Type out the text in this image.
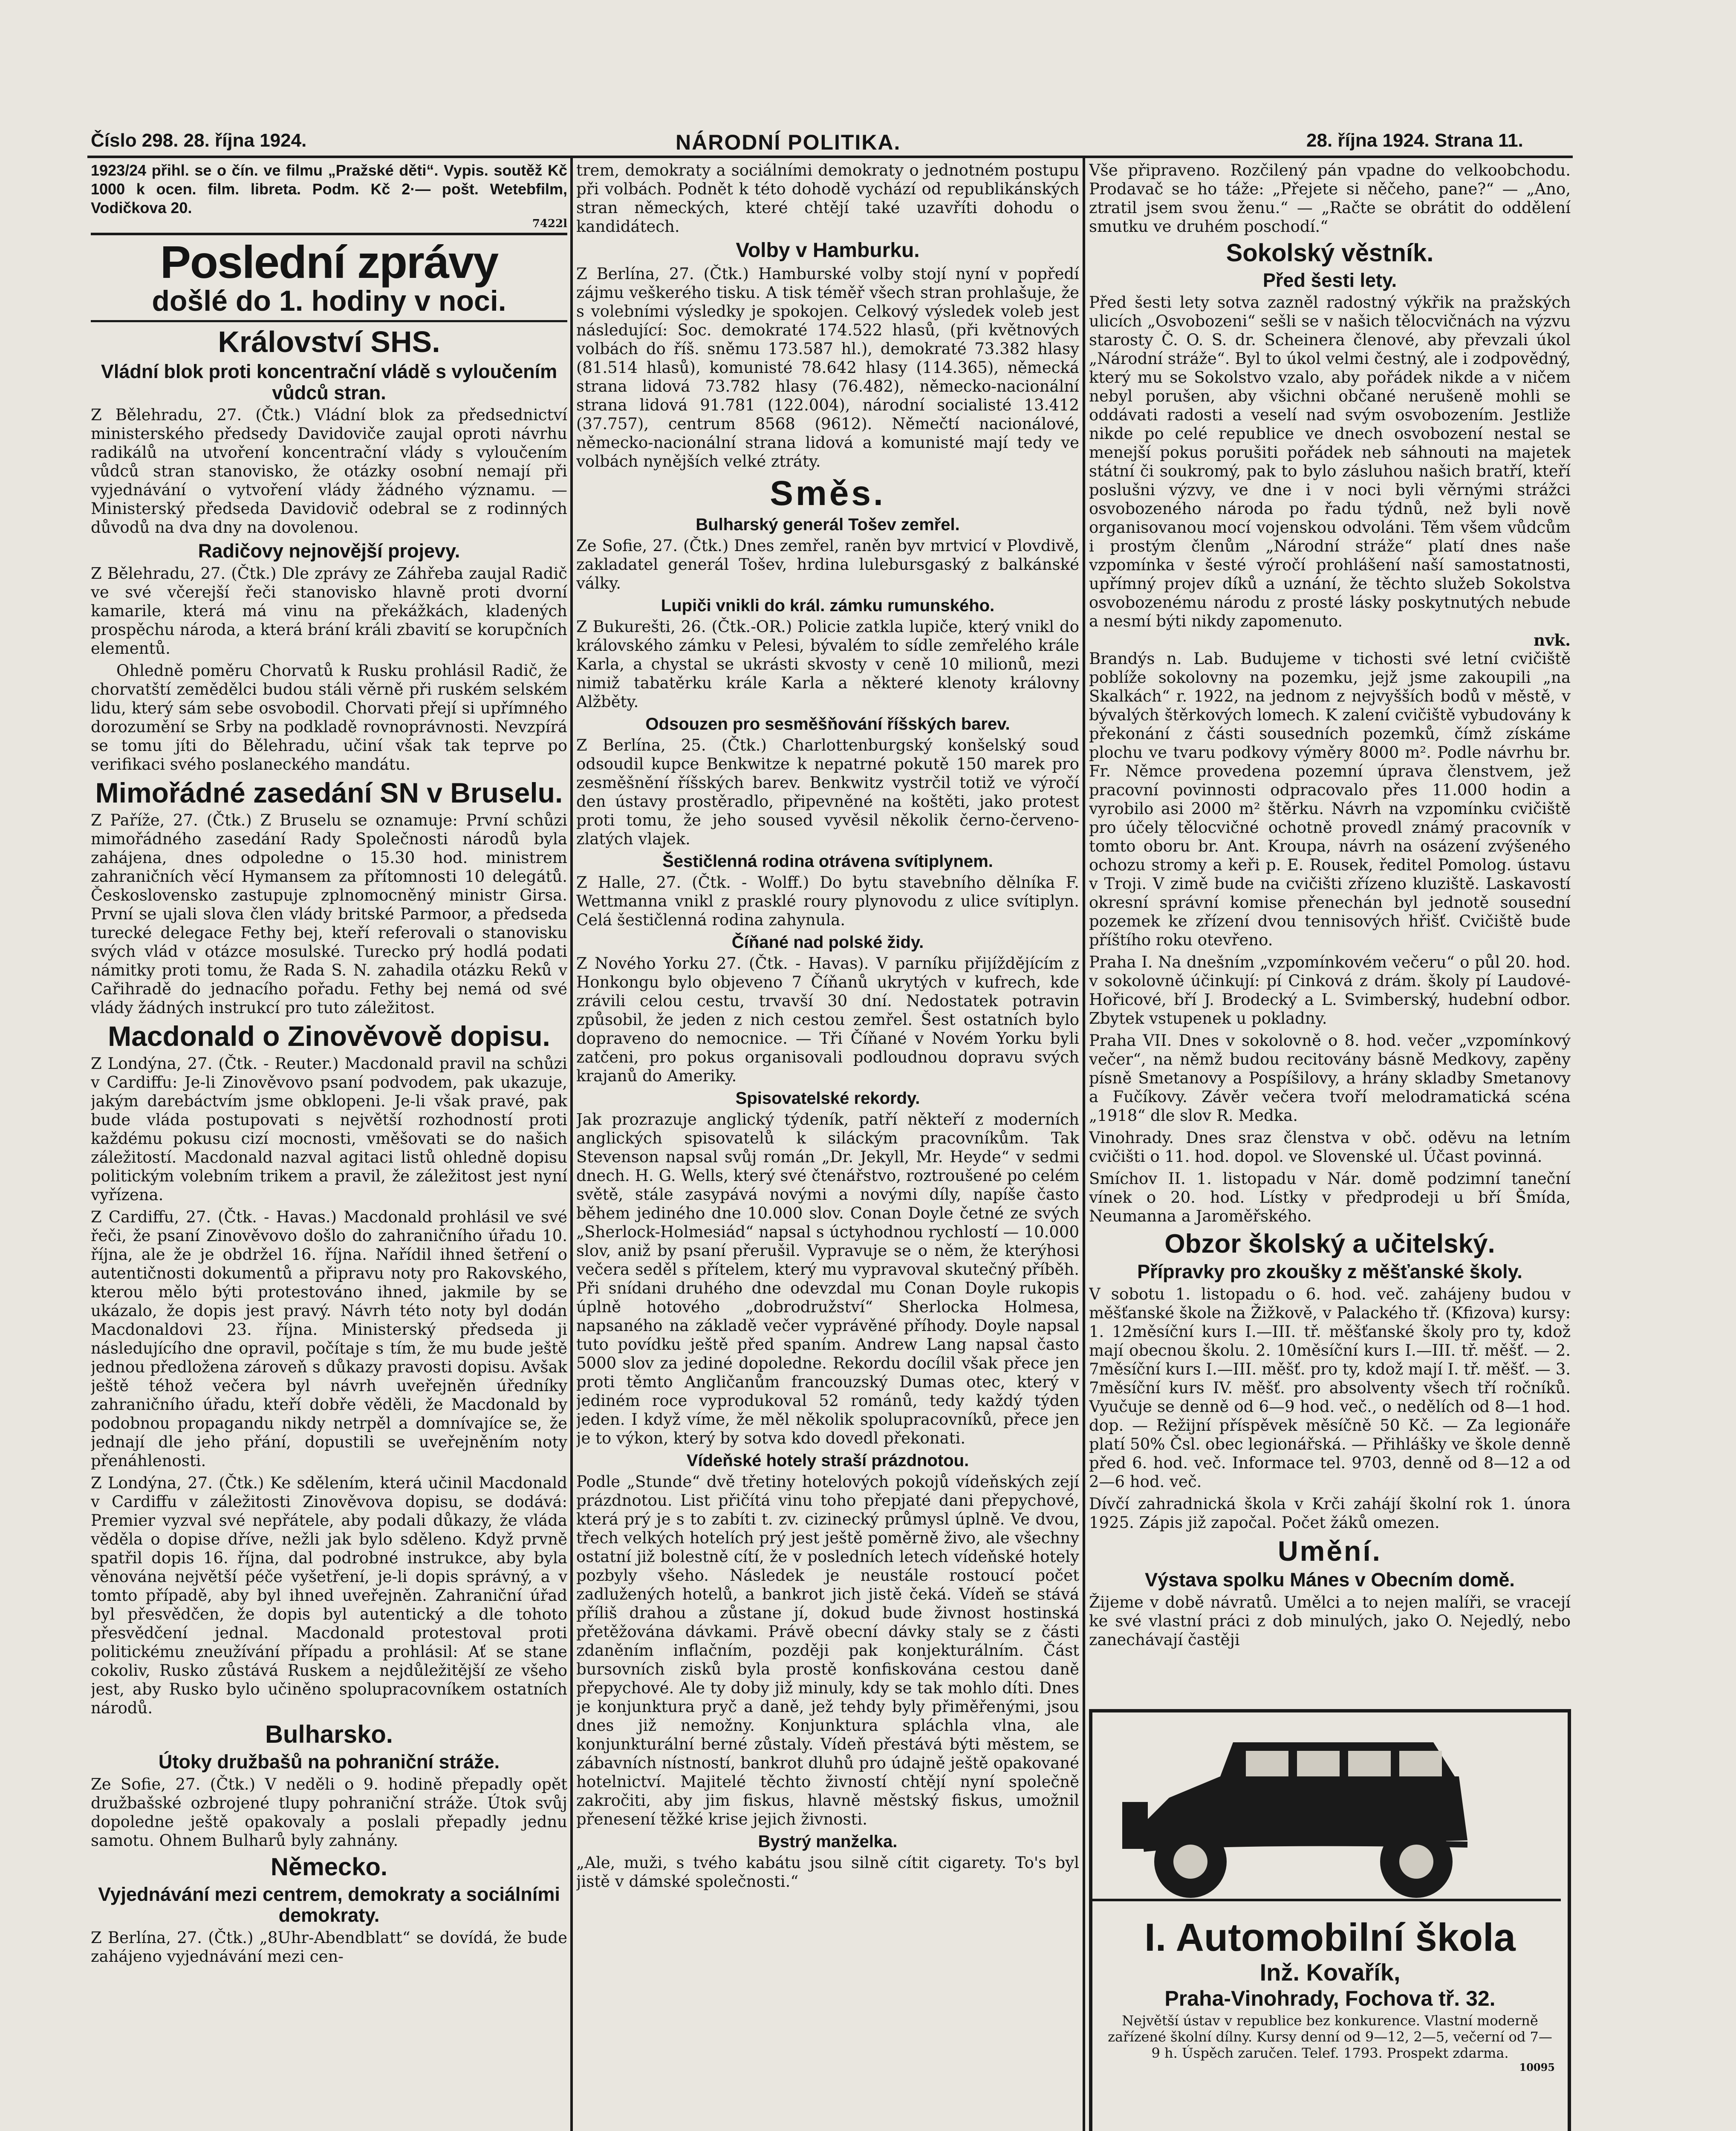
Číslo 298. 28. října 1924.	NÁRODNÍ POLITIKA.	28. října 1924. Strana 11.

1923/24 přihl. se o čín. ve filmu „Pražské děti“. Vypis. soutěž Kč 1000 k ocen. film. libreta. Podm. Kč 2·— pošt. Wetebfilm, Vodičkova 20.

7422l
Poslední zprávy
došlé do 1. hodiny v noci.
Království SHS.
Vládní blok proti koncentrační vládě s vyloučením vůdců stran.

Z Bělehradu, 27. (Čtk.) Vládní blok za předsednictví ministerského předsedy Davidoviče zaujal oproti návrhu radikálů na utvoření koncentrační vlády s vyloučením vůdců stran stanovisko, že otázky osobní nemají při vyjednávání o vytvoření vlády žádného významu. — Ministerský předseda Davidovič odebral se z rodinných důvodů na dva dny na dovolenou.

Radičovy nejnovější projevy.

Z Bělehradu, 27. (Čtk.) Dle zprávy ze Záhřeba zaujal Radič ve své včerejší řeči stanovisko hlavně proti dvorní kamarile, která má vinu na překážkách, kladených prospěchu národa, a která brání králi zbavití se korupčních elementů.

Ohledně poměru Chorvatů k Rusku prohlásil Radič, že chorvatští zemědělci budou stáli věrně při ruském selském lidu, který sám sebe osvobodil. Chorvati přejí si upřímného dorozumění se Srby na podkladě rovnoprávnosti. Nevzpírá se tomu jíti do Bělehradu, učiní však tak teprve po verifikaci svého poslaneckého mandátu.

Mimořádné zasedání SN v Bruselu.

Z Paříže, 27. (Čtk.) Z Bruselu se oznamuje: První schůzi mimořádného zasedání Rady Společnosti národů byla zahájena, dnes odpoledne o 15.30 hod. ministrem zahraničních věcí Hymansem za přítomnosti 10 delegátů. Československo zastupuje zplnomocněný ministr Girsa. První se ujali slova člen vlády britské Parmoor, a předseda turecké delegace Fethy bej, kteří referovali o stanovisku svých vlád v otázce mosulské. Turecko prý hodlá podati námitky proti tomu, že Rada S. N. zahadila otázku Reků v Cařihradě do jednacího pořadu. Fethy bej nemá od své vlády žádných instrukcí pro tuto záležitost.

Macdonald o Zinověvově dopisu.

Z Londýna, 27. (Čtk. - Reuter.) Macdonald pravil na schůzi v Cardiffu: Je-li Zinověvovo psaní podvodem, pak ukazuje, jakým darebáctvím jsme obklopeni. Je-li však pravé, pak bude vláda postupovati s největší rozhodností proti každému pokusu cizí mocnosti, vměšovati se do našich záležitostí. Macdonald nazval agitaci listů ohledně dopisu politickým volebním trikem a pravil, že záležitost jest nyní vyřízena.

Z Cardiffu, 27. (Čtk. - Havas.) Macdonald prohlásil ve své řeči, že psaní Zinověvovo došlo do zahraničního úřadu 10. října, ale že je obdržel 16. října. Nařídil ihned šetření o autentičnosti dokumentů a připravu noty pro Rakovského, kterou mělo býti protestováno ihned, jakmile by se ukázalo, že dopis jest pravý. Návrh této noty byl dodán Macdonaldovi 23. října. Ministerský předseda ji následujícího dne opravil, počítaje s tím, že mu bude ještě jednou předložena zároveň s důkazy pravosti dopisu. Avšak ještě téhož večera byl návrh uveřejněn úředníky zahraničního úřadu, kteří dobře věděli, že Macdonald by podobnou propagandu nikdy netrpěl a domnívajíce se, že jednají dle jeho přání, dopustili se uveřejněním noty přenáhlenosti.

Z Londýna, 27. (Čtk.) Ke sdělením, která učinil Macdonald v Cardiffu v záležitosti Zinověvova dopisu, se dodává: Premier vyzval své nepřátele, aby podali důkazy, že vláda věděla o dopise dříve, nežli jak bylo sděleno. Když prvně spatřil dopis 16. října, dal podrobné instrukce, aby byla věnována největší péče vyšetření, je-li dopis správný, a v tomto případě, aby byl ihned uveřejněn. Zahraniční úřad byl přesvědčen, že dopis byl autentický a dle tohoto přesvědčení jednal. Macdonald protestoval proti politickému zneužívání případu a prohlásil: Ať se stane cokoliv, Rusko zůstává Ruskem a nejdůležitější ze všeho jest, aby Rusko bylo učiněno spolupracovníkem ostatních národů.

Bulharsko.
Útoky družbašů na pohraniční stráže.

Ze Sofie, 27. (Čtk.) V neděli o 9. hodině přepadly opět družbašské ozbrojené tlupy pohraniční stráže. Útok svůj dopoledne ještě opakovaly a poslali přepadly jednu samotu. Ohnem Bulharů byly zahnány.

Německo.
Vyjednávání mezi centrem, demokraty a sociálními demokraty.

Z Berlína, 27. (Čtk.) „8Uhr-Abendblatt“ se dovídá, že bude zahájeno vyjednávání mezi cen-

trem, demokraty a sociálními demokraty o jednotném postupu při volbách. Podnět k této dohodě vychází od republikánských stran německých, které chtějí také uzavříti dohodu o kandidátech.

Volby v Hamburku.

Z Berlína, 27. (Čtk.) Hamburské volby stojí nyní v popředí zájmu veškerého tisku. A tisk téměř všech stran prohlašuje, že s volebními výsledky je spokojen. Celkový výsledek voleb jest následující: Soc. demokraté 174.522 hlasů, (při květnových volbách do říš. sněmu 173.587 hl.), demokraté 73.382 hlasy (81.514 hlasů), komunisté 78.642 hlasy (114.365), německá strana lidová 73.782 hlasy (76.482), německo-nacionální strana lidová 91.781 (122.004), národní socialisté 13.412 (37.757), centrum 8568 (9612). Němečtí nacionálové, německo-nacionální strana lidová a komunisté mají tedy ve volbách nynějších velké ztráty.

Směs.
Bulharský generál Tošev zemřel.

Ze Sofie, 27. (Čtk.) Dnes zemřel, raněn byv mrtvicí v Plovdivě, zakladatel generál Tošev, hrdina lulebursgaský z balkánské války.

Lupiči vnikli do král. zámku rumunského.

Z Bukurešti, 26. (Čtk.-OR.) Policie zatkla lupiče, který vnikl do královského zámku v Pelesi, bývalém to sídle zemřelého krále Karla, a chystal se ukrásti skvosty v ceně 10 milionů, mezi nimiž tabatěrku krále Karla a některé klenoty královny Alžběty.

Odsouzen pro sesměšňování říšských barev.

Z Berlína, 25. (Čtk.) Charlottenburgský konšelský soud odsoudil kupce Benkwitze k nepatrné pokutě 150 marek pro zesměšnění říšských barev. Benkwitz vystrčil totiž ve výročí den ústavy prostěradlo, připevněné na koštěti, jako protest proti tomu, že jeho soused vyvěsil několik černo-červeno-zlatých vlajek.

Šestičlenná rodina otrávena svítiplynem.

Z Halle, 27. (Čtk. - Wolff.) Do bytu stavebního dělníka F. Wettmanna vnikl z prasklé roury plynovodu z ulice svítiplyn. Celá šestičlenná rodina zahynula.

Číňané nad polské židy.

Z Nového Yorku 27. (Čtk. - Havas). V parníku přijíždějícím z Honkongu bylo objeveno 7 Číňanů ukrytých v kufrech, kde zrávili celou cestu, trvavší 30 dní. Nedostatek potravin způsobil, že jeden z nich cestou zemřel. Šest ostatních bylo dopraveno do nemocnice. — Tři Číňané v Novém Yorku byli zatčeni, pro pokus organisovali podloudnou dopravu svých krajanů do Ameriky.

Spisovatelské rekordy.

Jak prozrazuje anglický týdeník, patří někteří z moderních anglických spisovatelů k siláckým pracovníkům. Tak Stevenson napsal svůj román „Dr. Jekyll, Mr. Heyde“ v sedmi dnech. H. G. Wells, který své čtenářstvo, roztroušené po celém světě, stále zasypává novými a novými díly, napíše často během jediného dne 10.000 slov. Conan Doyle četné ze svých „Sherlock-Holmesiád“ napsal s úctyhodnou rychlostí — 10.000 slov, aniž by psaní přerušil. Vypravuje se o něm, že kterýhosi večera seděl s přítelem, který mu vypravoval skutečný příběh. Při snídani druhého dne odevzdal mu Conan Doyle rukopis úplně hotového „dobrodružství“ Sherlocka Holmesa, napsaného na základě večer vyprávěné příhody. Doyle napsal tuto povídku ještě před spaním. Andrew Lang napsal často 5000 slov za jediné dopoledne. Rekordu docílil však přece jen proti těmto Angličanům francouzský Dumas otec, který v jediném roce vyprodukoval 52 románů, tedy každý týden jeden. I když víme, že měl několik spolupracovníků, přece jen je to výkon, který by sotva kdo dovedl překonati.

Vídeňské hotely straší prázdnotou.

Podle „Stunde“ dvě třetiny hotelových pokojů vídeňských zejí prázdnotou. List přičítá vinu toho přepjaté dani přepychové, která prý je s to zabíti t. zv. cizinecký průmysl úplně. Ve dvou, třech velkých hotelích prý jest ještě poměrně živo, ale všechny ostatní již bolestně cítí, že v posledních letech vídeňské hotely pozbyly všeho. Následek je neustále rostoucí počet zadlužených hotelů, a bankrot jich jistě čeká. Vídeň se stává příliš drahou a zůstane jí, dokud bude živnost hostinská přetěžována dávkami. Právě obecní dávky staly se z části zdaněním inflačním, později pak konjekturálním. Část bursovních zisků byla prostě konfiskována cestou daně přepychové. Ale ty doby již minuly, kdy se tak mohlo díti. Dnes je konjunktura pryč a daně, jež tehdy byly přiměřenými, jsou dnes již nemožny. Konjunktura spláchla vlna, ale konjunkturální berné zůstaly. Vídeň přestává býti městem, se zábavních nístností, bankrot dluhů pro údajně ještě opakované hotelnictví. Majitelé těchto živností chtějí nyní společně zakročiti, aby jim fiskus, hlavně městský fiskus, umožnil přenesení těžké krise jejich živnosti.

Bystrý manželka.

„Ale, muži, s tvého kabátu jsou silně cítit cigarety. To's byl jistě v dámské společnosti.“

Vše připraveno. Rozčilený pán vpadne do velkoobchodu. Prodavač se ho táže: „Přejete si něčeho, pane?“ — „Ano, ztratil jsem svou ženu.“ — „Račte se obrátit do oddělení smutku ve druhém poschodí.“

Sokolský věstník.
Před šesti lety.

Před šesti lety sotva zazněl radostný výkřik na pražských ulicích „Osvobozeni“ sešli se v našich tělocvičnách na výzvu starosty Č. O. S. dr. Scheinera členové, aby převzali úkol „Národní stráže“. Byl to úkol velmi čestný, ale i zodpovědný, který mu se Sokolstvo vzalo, aby pořádek nikde a v ničem nebyl porušen, aby všichni občané nerušeně mohli se oddávati radosti a veselí nad svým osvobozením. Jestliže nikde po celé republice ve dnech osvobození nestal se menejší pokus porušiti pořádek neb sáhnouti na majetek státní či soukromý, pak to bylo zásluhou našich bratří, kteří poslušni výzvy, ve dne i v noci byli věrnými strážci osvobozeného národa po řadu týdnů, než byli nově organisovanou mocí vojenskou odvoláni. Těm všem vůdcům i prostým členům „Národní stráže“ platí dnes naše vzpomínka v šesté výročí prohlášení naší samostatnosti, upřímný projev díků a uznání, že těchto služeb Sokolstva osvobozenému národu z prosté lásky poskytnutých nebude a nesmí býti nikdy zapomenuto.

nvk.

Brandýs n. Lab. Budujeme v tichosti své letní cvičiště poblíže sokolovny na pozemku, jejž jsme zakoupili „na Skalkách“ r. 1922, na jednom z nejvyšších bodů v městě, v bývalých štěrkových lomech. K zalení cvičiště vybudovány k překonání z části sousedních pozemků, čímž získáme plochu ve tvaru podkovy výměry 8000 m². Podle návrhu br. Fr. Němce provedena pozemní úprava členstvem, jež pracovní povinnosti odpracovalo přes 11.000 hodin a vyrobilo asi 2000 m² štěrku. Návrh na vzpomínku cvičiště pro účely tělocvičné ochotně provedl známý pracovník v tomto oboru br. Ant. Kroupa, návrh na osázení zvýšeného ochozu stromy a keři p. E. Rousek, ředitel Pomolog. ústavu v Troji. V zimě bude na cvičišti zřízeno kluziště. Laskavostí okresní správní komise přenechán byl jednotě sousední pozemek ke zřízení dvou tennisových hřišť. Cvičiště bude příštího roku otevřeno.

Praha I. Na dnešním „vzpomínkovém večeru“ o půl 20. hod. v sokolovně účinkují: pí Cinková z drám. školy pí Laudové-Hořicové, bří J. Brodecký a L. Svimberský, hudební odbor. Zbytek vstupenek u pokladny.

Praha VII. Dnes v sokolovně o 8. hod. večer „vzpomínkový večer“, na němž budou recitovány básně Medkovy, zapěny písně Smetanovy a Pospíšilovy, a hrány skladby Smetanovy a Fučíkovy. Závěr večera tvoří melodramatická scéna „1918“ dle slov R. Medka.

Vinohrady. Dnes sraz členstva v obč. oděvu na letním cvičišti o 11. hod. dopol. ve Slovenské ul. Účast povinná.

Smíchov II. 1. listopadu v Nár. domě podzimní taneční vínek o 20. hod. Lístky v předprodeji u bří Šmída, Neumanna a Jaroměřského.

Obzor školský a učitelský.
Přípravky pro zkoušky z měšťanské školy.

V sobotu 1. listopadu o 6. hod. več. zahájeny budou v měšťanské škole na Žižkově, v Palackého tř. (Kfizova) kursy: 1. 12měsíční kurs I.—III. tř. měšťanské školy pro ty, kdož mají obecnou školu. 2. 10měsíční kurs I.—III. tř. měšť. — 2. 7měsíční kurs I.—III. měšť. pro ty, kdož mají I. tř. měšť. — 3. 7měsíční kurs IV. měšť. pro absolventy všech tří ročníků. Vyučuje se denně od 6—9 hod. več., o nedělích od 8—1 hod. dop. — Režijní příspěvek měsíčně 50 Kč. — Za legionáře platí 50% Čsl. obec legionářská. — Přihlášky ve škole denně před 6. hod. več. Informace tel. 9703, denně od 8—12 a od 2—6 hod. več.

Dívčí zahradnická škola v Krči zahájí školní rok 1. února 1925. Zápis již započal. Počet žáků omezen.

Umění.
Výstava spolku Mánes v Obecním domě.

Žijeme v době návratů. Umělci a to nejen malíři, se vracejí ke své vlastní práci z dob minulých, jako O. Nejedlý, nebo zanechávají častěji

I. Automobilní škola
Inž. Kovařík,
Praha-Vinohrady, Fochova tř. 32.
Největší ústav v republice bez konkurence. Vlastní moderně zařízené školní dílny. Kursy denní od 9—12, 2—5, večerní od 7—9 h. Úspěch zaručen. Telef. 1793. Prospekt zdarma.
10095
